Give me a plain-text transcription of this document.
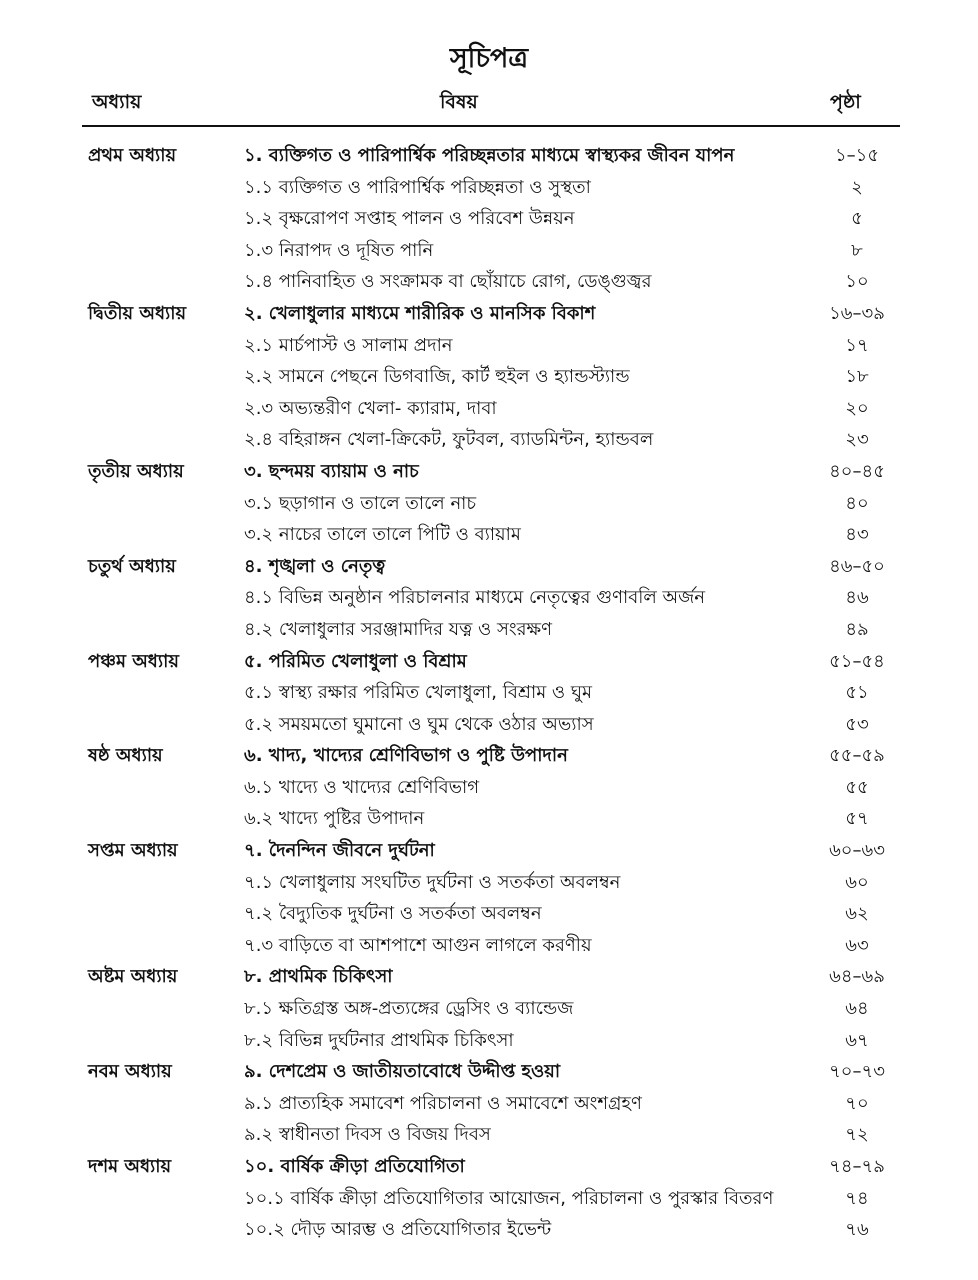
সূচিপত্র
অধ্যায়	বিষয়	পৃষ্ঠা
প্রথম অধ্যায়	১. ব্যক্তিগত ও পারিপার্শ্বিক পরিচ্ছন্নতার মাধ্যমে স্বাস্থ্যকর জীবন যাপন	১–১৫
১.১ ব্যক্তিগত ও পারিপার্শ্বিক পরিচ্ছন্নতা ও সুস্থতা	২
১.২ বৃক্ষরোপণ সপ্তাহ পালন ও পরিবেশ উন্নয়ন	৫
১.৩ নিরাপদ ও দূষিত পানি	৮
১.৪ পানিবাহিত ও সংক্রামক বা ছোঁয়াচে রোগ, ডেঙ্গুজ্বর	১০
দ্বিতীয় অধ্যায়	২. খেলাধুলার মাধ্যমে শারীরিক ও মানসিক বিকাশ	১৬–৩৯
২.১ মার্চপাস্ট ও সালাম প্রদান	১৭
২.২ সামনে পেছনে ডিগবাজি, কার্ট হুইল ও হ্যান্ডস্ট্যান্ড	১৮
২.৩ অভ্যন্তরীণ খেলা- ক্যারাম, দাবা	২০
২.৪ বহিরাঙ্গন খেলা-ক্রিকেট, ফুটবল, ব্যাডমিন্টন, হ্যান্ডবল	২৩
তৃতীয় অধ্যায়	৩. ছন্দময় ব্যায়াম ও নাচ	৪০–৪৫
৩.১ ছড়াগান ও তালে তালে নাচ	৪০
৩.২ নাচের তালে তালে পিটি ও ব্যায়াম	৪৩
চতুর্থ অধ্যায়	৪. শৃঙ্খলা ও নেতৃত্ব	৪৬–৫০
৪.১ বিভিন্ন অনুষ্ঠান পরিচালনার মাধ্যমে নেতৃত্বের গুণাবলি অর্জন	৪৬
৪.২ খেলাধুলার সরঞ্জামাদির যত্ন ও সংরক্ষণ	৪৯
পঞ্চম অধ্যায়	৫. পরিমিত খেলাধুলা ও বিশ্রাম	৫১–৫৪
৫.১ স্বাস্থ্য রক্ষার পরিমিত খেলাধুলা, বিশ্রাম ও ঘুম	৫১
৫.২ সময়মতো ঘুমানো ও ঘুম থেকে ওঠার অভ্যাস	৫৩
ষষ্ঠ অধ্যায়	৬. খাদ্য, খাদ্যের শ্রেণিবিভাগ ও পুষ্টি উপাদান	৫৫–৫৯
৬.১ খাদ্যে ও খাদ্যের শ্রেণিবিভাগ	৫৫
৬.২ খাদ্যে পুষ্টির উপাদান	৫৭
সপ্তম অধ্যায়	৭. দৈনন্দিন জীবনে দুর্ঘটনা	৬০–৬৩
৭.১ খেলাধুলায় সংঘটিত দুর্ঘটনা ও সতর্কতা অবলম্বন	৬০
৭.২ বৈদ্যুতিক দুর্ঘটনা ও সতর্কতা অবলম্বন	৬২
৭.৩ বাড়িতে বা আশপাশে আগুন লাগলে করণীয়	৬৩
অষ্টম অধ্যায়	৮. প্রাথমিক চিকিৎসা	৬৪–৬৯
৮.১ ক্ষতিগ্রস্ত অঙ্গ-প্রত্যঙ্গের ড্রেসিং ও ব্যান্ডেজ	৬৪
৮.২ বিভিন্ন দুর্ঘটনার প্রাথমিক চিকিৎসা	৬৭
নবম অধ্যায়	৯. দেশপ্রেম ও জাতীয়তাবোধে উদ্দীপ্ত হওয়া	৭০–৭৩
৯.১ প্রাত্যহিক সমাবেশ পরিচালনা ও সমাবেশে অংশগ্রহণ	৭০
৯.২ স্বাধীনতা দিবস ও বিজয় দিবস	৭২
দশম অধ্যায়	১০. বার্ষিক ক্রীড়া প্রতিযোগিতা	৭৪–৭৯
১০.১ বার্ষিক ক্রীড়া প্রতিযোগিতার আয়োজন, পরিচালনা ও পুরস্কার বিতরণ	৭৪
১০.২ দৌড় আরম্ভ ও প্রতিযোগিতার ইভেন্ট	৭৬
